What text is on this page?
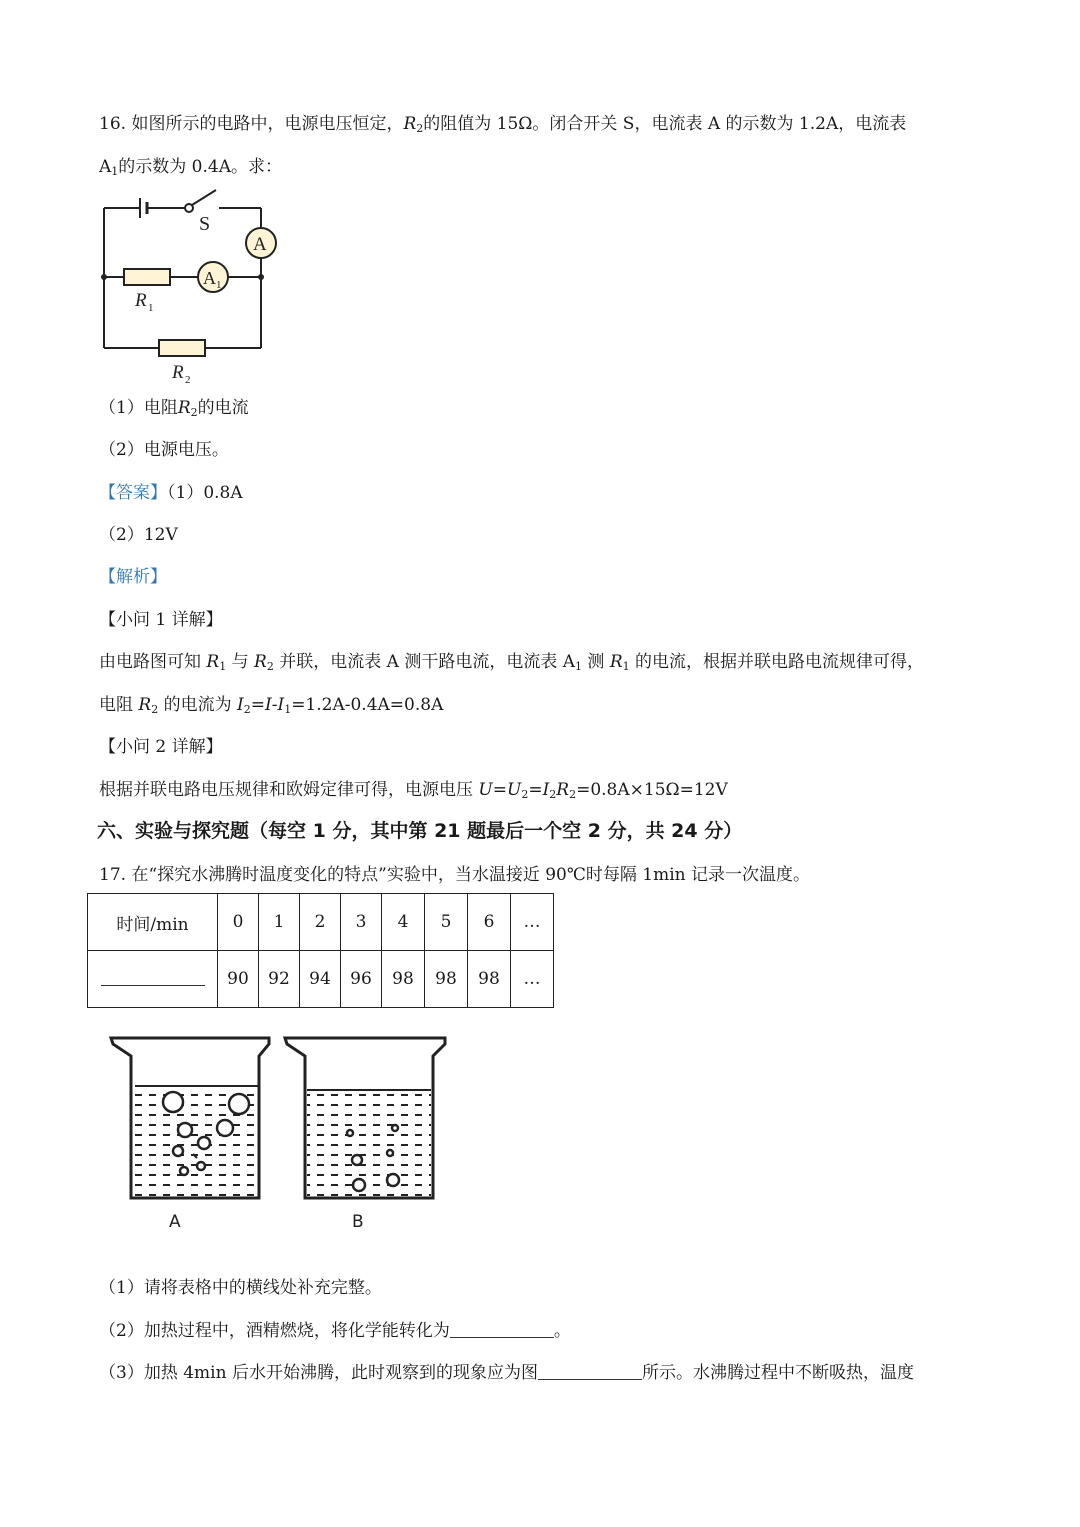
16. 如图所示的电路中，电源电压恒定，$R_2$的阻值为 15Ω。闭合开关 S，电流表 A 的示数为 1.2A，电流表
$A_1$的示数为 0.4A。求：
S
A
A 1
R 1
R 2
（1）电阻$R_2$的电流
（2）电源电压。
【答案】（1）0.8A
（2）12V
【解析】
【小问 1 详解】
由电路图可知 $R_1$ 与 $R_2$ 并联，电流表 A 测干路电流，电流表 $A_1$ 测 $R_1$ 的电流，根据并联电路电流规律可得，
电阻 $R_2$ 的电流为 $I_2=I-I_1=1.2A-0.4A=0.8A$
【小问 2 详解】
根据并联电路电压规律和欧姆定律可得，电源电压 $U=U_2=I_2R_2=0.8A\times 15\Omega=12V$
六、实验与探究题（每空 1 分，其中第 21 题最后一个空 2 分，共 24 分）
17. 在“探究水沸腾时温度变化的特点”实验中，当水温接近 90℃时每隔 1min 记录一次温度。
时间/min	0	1	2	3	4	5	6	…
	90	92	94	96	98	98	98	…
A	B
（1）请将表格中的横线处补充完整。
（2）加热过程中，酒精燃烧，将化学能转化为	。
（3）加热 4min 后水开始沸腾，此时观察到的现象应为图	所示。水沸腾过程中不断吸热，温度
